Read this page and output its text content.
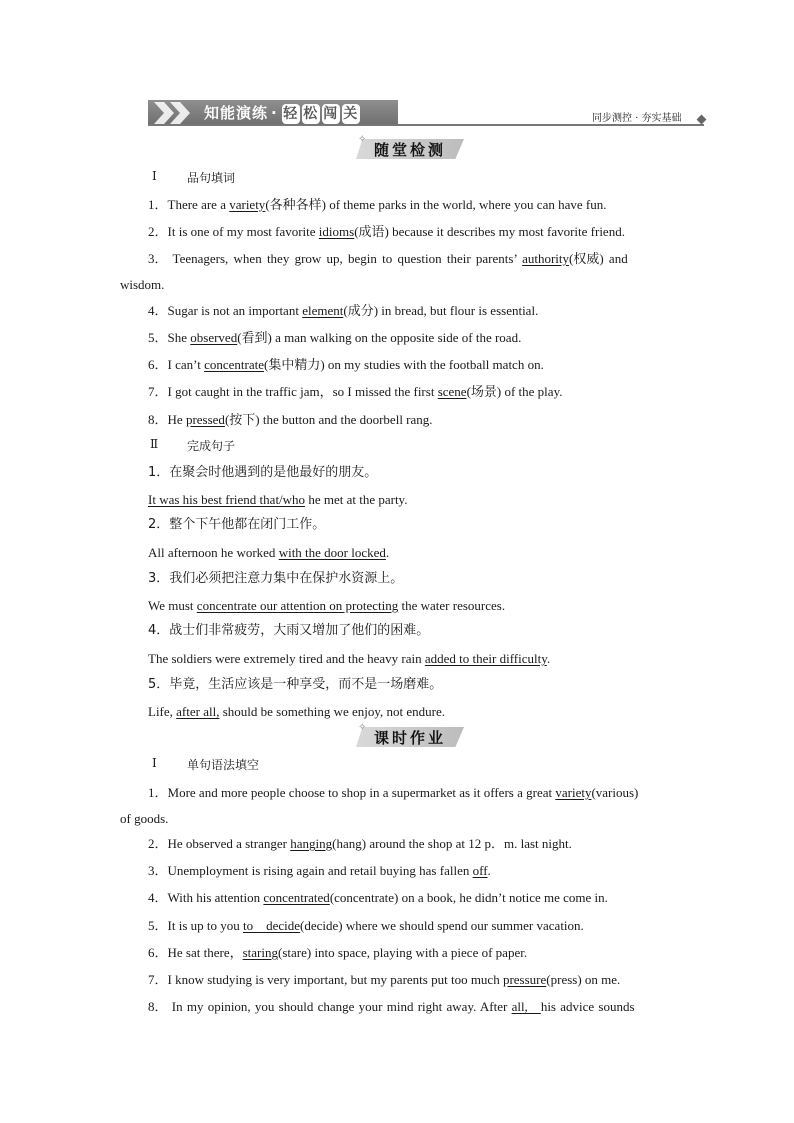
知能演练 · 轻 松 闯 关	同步测控 · 夯实基础
✧
随堂检测
Ⅰ	品句填词
1．There are a variety(各种各样) of theme parks in the world, where you can have fun.
2．It is one of my most favorite idioms(成语) because it describes my most favorite friend.
3． Teenagers, when they grow up, begin to question their parents’ authority(权威) and
wisdom.
4．Sugar is not an important element(成分) in bread, but flour is essential.
5．She observed(看到) a man walking on the opposite side of the road.
6．I can’t concentrate(集中精力) on my studies with the football match on.
7．I got caught in the traffic jam，so I missed the first scene(场景) of the play.
8．He pressed(按下) the button and the doorbell rang.
Ⅱ 完成句子
1．在聚会时他遇到的是他最好的朋友。
It was his best friend that/who he met at the party.
2．整个下午他都在闭门工作。
All afternoon he worked with the door locked.
3．我们必须把注意力集中在保护水资源上。
We must concentrate our attention on protecting the water resources.
4．战士们非常疲劳，大雨又增加了他们的困难。
The soldiers were extremely tired and the heavy rain added to their difficulty.
5．毕竟，生活应该是一种享受，而不是一场磨难。
Life, after all, should be something we enjoy, not endure.
✧
课时作业
Ⅰ	单句语法填空
1．More and more people choose to shop in a supermarket as it offers a great variety(various)
of goods.
2．He observed a stranger hanging(hang) around the shop at 12 p．m. last night.
3．Unemployment is rising again and retail buying has fallen off.
4．With his attention concentrated(concentrate) on a book, he didn’t notice me come in.
5．It is up to you to　decide(decide) where we should spend our summer vacation.
6．He sat there，staring(stare) into space, playing with a piece of paper.
7．I know studying is very important, but my parents put too much pressure(press) on me.
8． In my opinion, you should change your mind right away. After all,　his advice sounds
